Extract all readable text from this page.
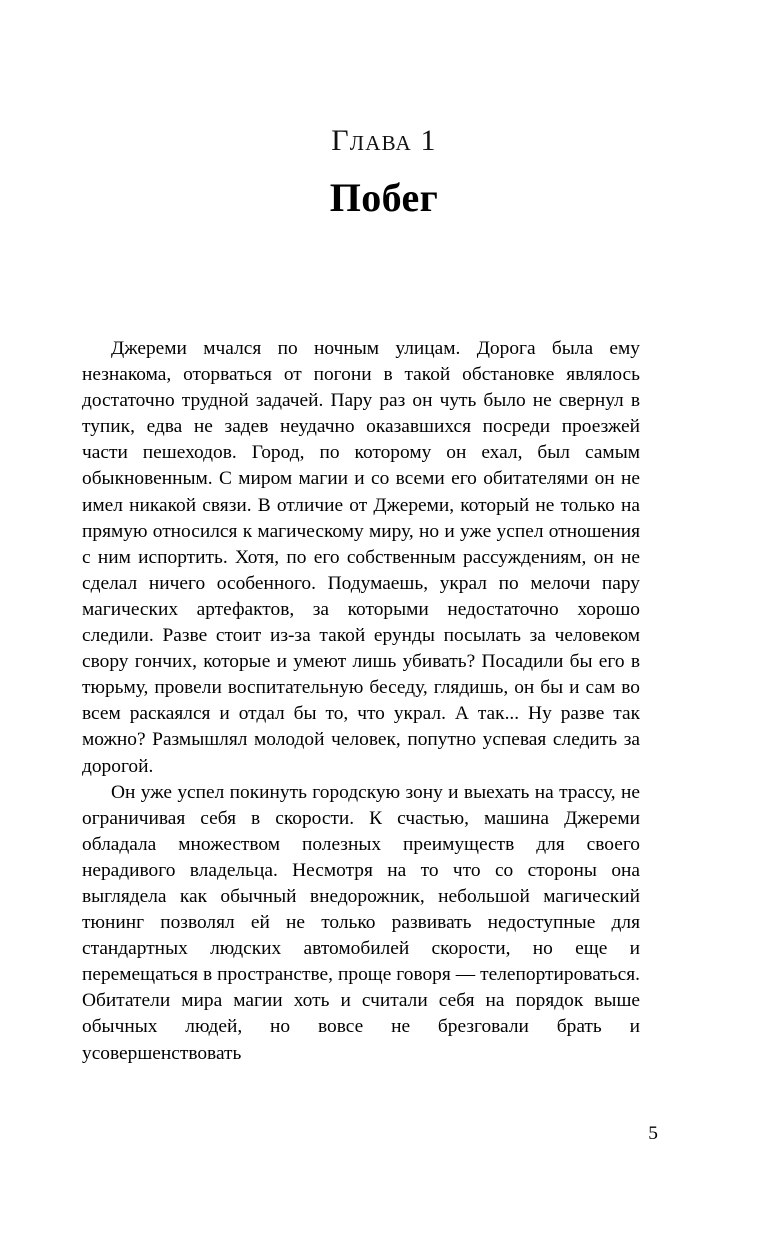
Глава 1
Побег

Джереми мчался по ночным улицам. Дорога была ему незнакома, оторваться от погони в такой обстановке являлось достаточно трудной задачей. Пару раз он чуть было не свернул в тупик, едва не задев неудачно оказавшихся посреди проезжей части пешеходов. Город, по которому он ехал, был самым обыкновенным. С миром магии и со всеми его обитателями он не имел никакой связи. В отличие от Джереми, который не только на прямую относился к магическому миру, но и уже успел отношения с ним испортить. Хотя, по его собственным рассуждениям, он не сделал ничего особенного. Подумаешь, украл по мелочи пару магических артефактов, за которыми недостаточно хорошо следили. Разве стоит из-за такой ерунды посылать за человеком свору гончих, которые и умеют лишь убивать? Посадили бы его в тюрьму, провели воспитательную беседу, глядишь, он бы и сам во всем раскаялся и отдал бы то, что украл. А так... Ну разве так можно? Размышлял молодой человек, попутно успевая следить за дорогой.

Он уже успел покинуть городскую зону и выехать на трассу, не ограничивая себя в скорости. К счастью, машина Джереми обладала множеством полезных преимуществ для своего нерадивого владельца. Несмотря на то что со стороны она выглядела как обычный внедорожник, небольшой магический тюнинг позволял ей не только развивать недоступные для стандартных людских автомобилей скорости, но еще и перемещаться в пространстве, проще говоря — телепортироваться. Обитатели мира магии хоть и считали себя на порядок выше обычных людей, но вовсе не брезговали брать и усовершенствовать

5
